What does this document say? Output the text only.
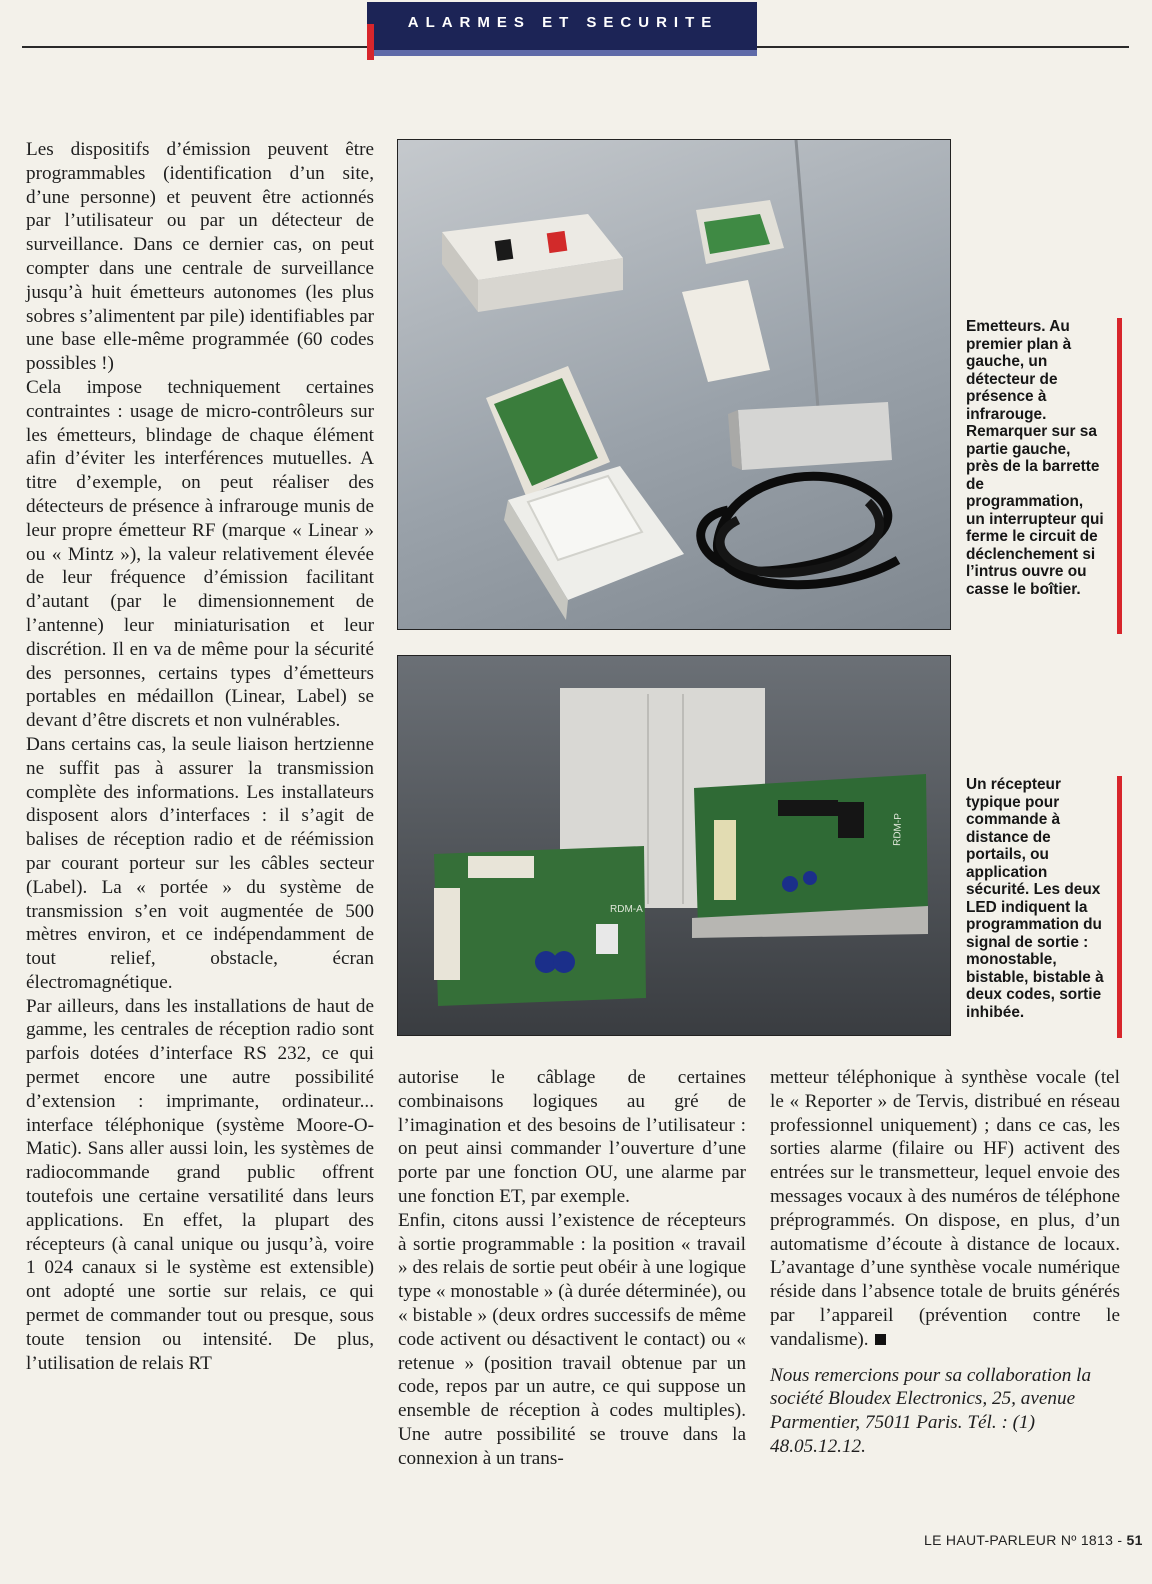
ALARMES ET SECURITE

Les dispositifs d’émission peuvent être programmables (identification d’un site, d’une personne) et peuvent être actionnés par l’utilisateur ou par un détecteur de surveillance. Dans ce dernier cas, on peut compter dans une centrale de surveillance jusqu’à huit émetteurs autonomes (les plus sobres s’alimentent par pile) identifiables par une base elle-même programmée (60 codes possibles !)

Cela impose techniquement certaines contraintes : usage de micro-contrôleurs sur les émetteurs, blindage de chaque élément afin d’éviter les interférences mutuelles. A titre d’exemple, on peut réaliser des détecteurs de présence à infrarouge munis de leur propre émetteur RF (marque « Linear » ou « Mintz »), la valeur relativement élevée de leur fréquence d’émission facilitant d’autant (par le dimensionnement de l’antenne) leur miniaturisation et leur discrétion. Il en va de même pour la sécurité des personnes, certains types d’émetteurs portables en médaillon (Linear, Label) se devant d’être discrets et non vulnérables.

Dans certains cas, la seule liaison hertzienne ne suffit pas à assurer la transmission complète des informations. Les installateurs disposent alors d’interfaces : il s’agit de balises de réception radio et de réémission par courant porteur sur les câbles secteur (Label). La « portée » du système de transmission s’en voit augmentée de 500 mètres environ, et ce indépendamment de tout relief, obstacle, écran électromagnétique.

Par ailleurs, dans les installations de haut de gamme, les centrales de réception radio sont parfois dotées d’interface RS 232, ce qui permet encore une autre possibilité d’extension : imprimante, ordinateur... interface téléphonique (système Moore-O-Matic). Sans aller aussi loin, les systèmes de radiocommande grand public offrent toutefois une certaine versatilité dans leurs applications. En effet, la plupart des récepteurs (à canal unique ou jusqu’à, voire 1 024 canaux si le système est extensible) ont adopté une sortie sur relais, ce qui permet de commander tout ou presque, sous toute tension ou intensité. De plus, l’utilisation de relais RT

Emetteurs. Au premier plan à gauche, un détecteur de présence à infrarouge. Remarquer sur sa partie gauche, près de la barrette de programmation, un interrupteur qui ferme le circuit de déclenchement si l’intrus ouvre ou casse le boîtier.
RDM-P
RDM-A
Un récepteur typique pour commande à distance de portails, ou application sécurité. Les deux LED indiquent la programmation du signal de sortie : monostable, bistable, bistable à deux codes, sortie inhibée.

autorise le câblage de certaines combinaisons logiques au gré de l’imagination et des besoins de l’utilisateur : on peut ainsi commander l’ouverture d’une porte par une fonction OU, une alarme par une fonction ET, par exemple.

Enfin, citons aussi l’existence de récepteurs à sortie programmable : la position « travail » des relais de sortie peut obéir à une logique type « monostable » (à durée déterminée), ou « bistable » (deux ordres successifs de même code activent ou désactivent le contact) ou « retenue » (position travail obtenue par un code, repos par un autre, ce qui suppose un ensemble de réception à codes multiples). Une autre possibilité se trouve dans la connexion à un trans-

metteur téléphonique à synthèse vocale (tel le « Reporter » de Tervis, distribué en réseau professionnel uniquement) ; dans ce cas, les sorties alarme (filaire ou HF) activent des entrées sur le transmetteur, lequel envoie des messages vocaux à des numéros de téléphone préprogrammés. On dispose, en plus, d’un automatisme d’écoute à distance de locaux. L’avantage d’une synthèse vocale numérique réside dans l’absence totale de bruits générés par l’appareil (prévention contre le vandalisme).

Nous remercions pour sa collaboration la société Bloudex Electronics, 25, avenue Parmentier, 75011 Paris. Tél. : (1) 48.05.12.12.

LE HAUT-PARLEUR Nº 1813 - 51
